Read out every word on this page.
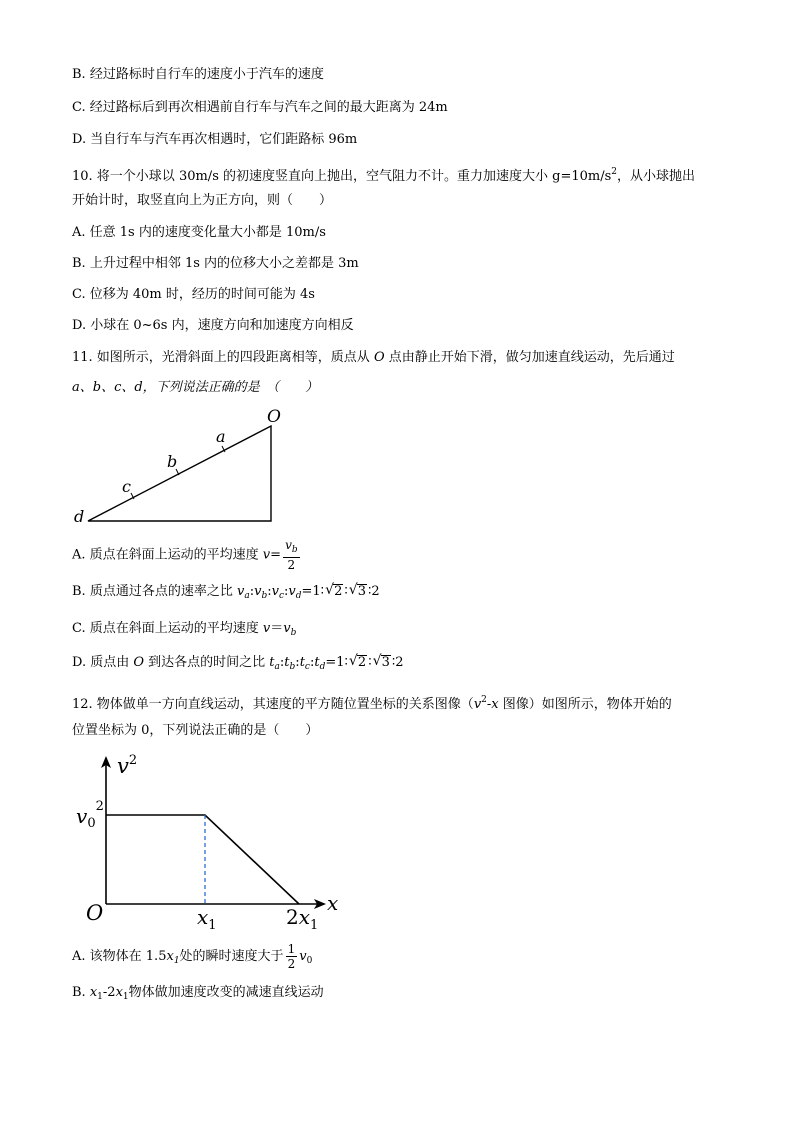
B. 经过路标时自行车的速度小于汽车的速度
C. 经过路标后到再次相遇前自行车与汽车之间的最大距离为 24m
D. 当自行车与汽车再次相遇时，它们距路标 96m
10. 将一个小球以 30m/s 的初速度竖直向上抛出，空气阻力不计。重力加速度大小 $g=10m/s^2$，从小球抛出
开始计时，取竖直向上为正方向，则（　　）
A. 任意 1s 内的速度变化量大小都是 10m/s
B. 上升过程中相邻 1s 内的位移大小之差都是 3m
C. 位移为 40m 时，经历的时间可能为 4s
D. 小球在 0~6s 内，速度方向和加速度方向相反
11. 如图所示，光滑斜面上的四段距离相等，质点从 O 点由静止开始下滑，做匀加速直线运动，先后通过
a、b、c、d，下列说法正确的是　（　　）
O
a
b
c
d
A. 质点在斜面上运动的平均速度 $v= \frac{v_b}{2}$
B. 质点通过各点的速率之比 $v_a:v_b:v_c:v_d=1∶$ √ 2 ∶ √ 3 ∶2
C. 质点在斜面上运动的平均速度 $v=v_b$
D. 质点由 O 到达各点的时间之比 $t_a:t_b:t_c:t_d=1∶$ √ 2 ∶ √ 3 ∶2
12. 物体做单一方向直线运动，其速度的平方随位置坐标的关系图像（$v^2-x$ 图像）如图所示，物体开始的
位置坐标为 0，下列说法正确的是（　　）
$v^2$
$v_0^2$
O	$x_1$	$2x_1$
x
A. 该物体在 $1.5x_1$处的瞬时速度大于 $\frac{1}{2} v_0$
B. $x_1-2x_1$物体做加速度改变的减速直线运动
